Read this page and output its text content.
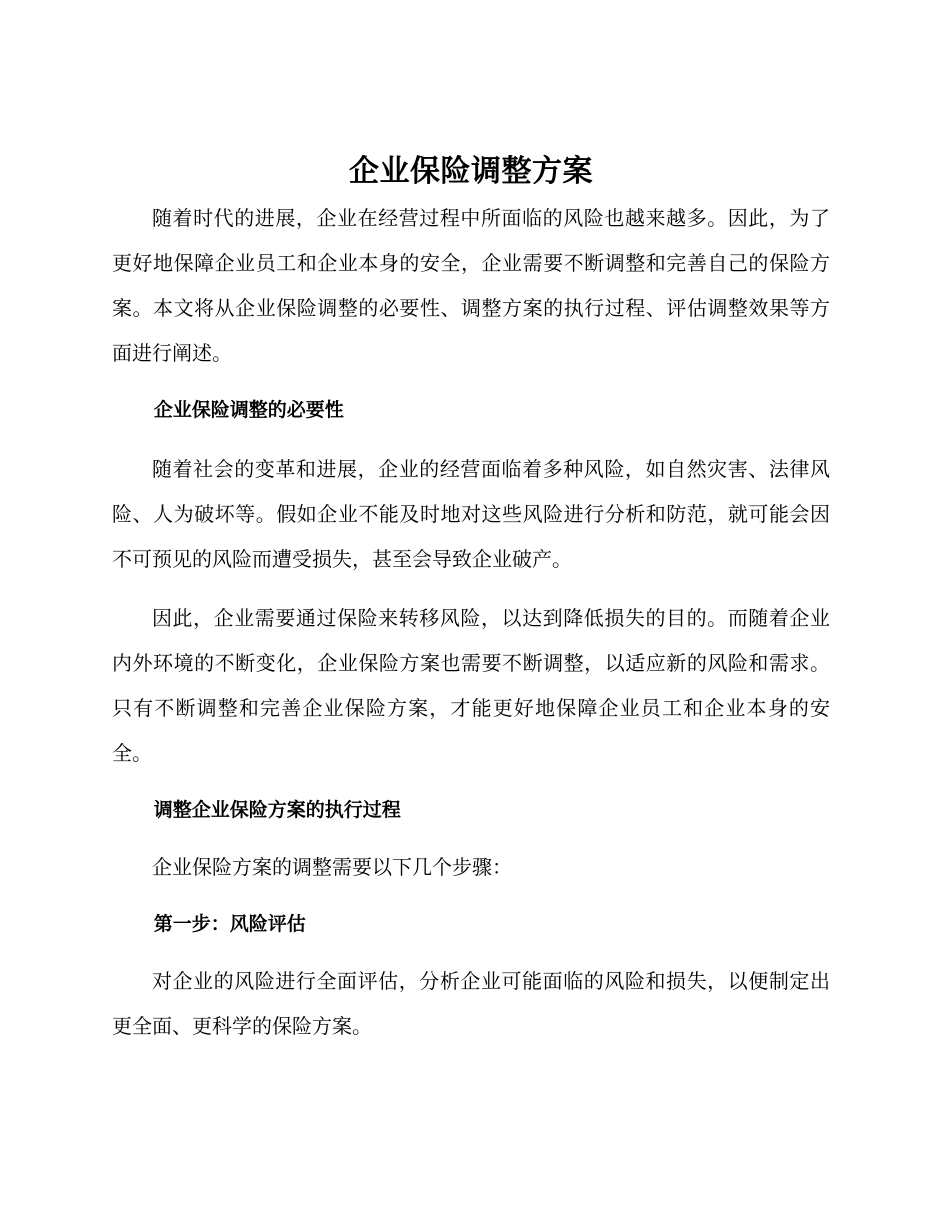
企业保险调整方案

随着时代的进展，企业在经营过程中所面临的风险也越来越多。因此，为了更好地保障企业员工和企业本身的安全，企业需要不断调整和完善自己的保险方案。本文将从企业保险调整的必要性、调整方案的执行过程、评估调整效果等方面进行阐述。

企业保险调整的必要性

随着社会的变革和进展，企业的经营面临着多种风险，如自然灾害、法律风险、人为破坏等。假如企业不能及时地对这些风险进行分析和防范，就可能会因不可预见的风险而遭受损失，甚至会导致企业破产。

因此，企业需要通过保险来转移风险，以达到降低损失的目的。而随着企业内外环境的不断变化，企业保险方案也需要不断调整，以适应新的风险和需求。只有不断调整和完善企业保险方案，才能更好地保障企业员工和企业本身的安全。

调整企业保险方案的执行过程

企业保险方案的调整需要以下几个步骤：

第一步：风险评估

对企业的风险进行全面评估，分析企业可能面临的风险和损失，以便制定出更全面、更科学的保险方案。
